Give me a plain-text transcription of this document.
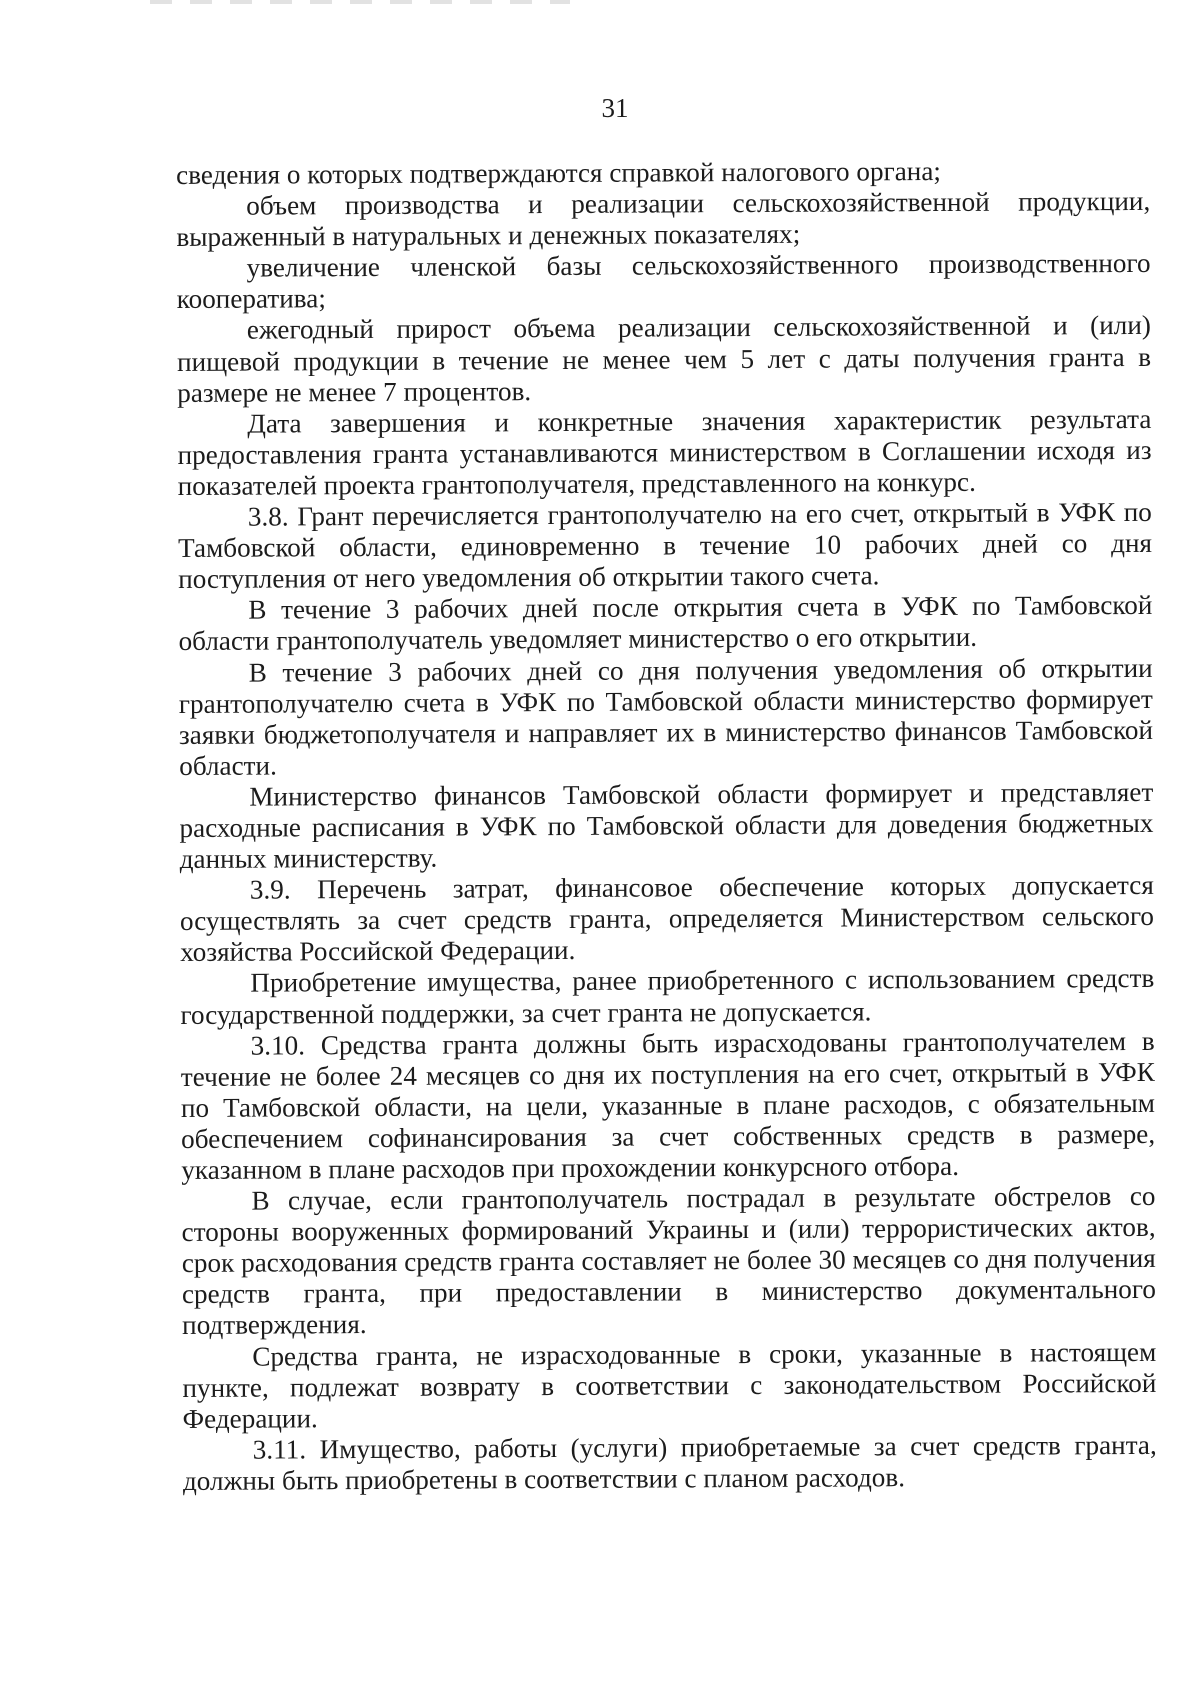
31

сведения о которых подтверждаются справкой налогового органа;

объем производства и реализации сельскохозяйственной продукции, выраженный в натуральных и денежных показателях;

увеличение членской базы сельскохозяйственного производственного кооператива;

ежегодный прирост объема реализации сельскохозяйственной и (или) пищевой продукции в течение не менее чем 5 лет с даты получения гранта в размере не менее 7 процентов.

Дата завершения и конкретные значения характеристик результата предоставления гранта устанавливаются министерством в Соглашении исходя из показателей проекта грантополучателя, представленного на конкурс.

3.8. Грант перечисляется грантополучателю на его счет, открытый в УФК по Тамбовской области, единовременно в течение 10 рабочих дней со дня поступления от него уведомления об открытии такого счета.

В течение 3 рабочих дней после открытия счета в УФК по Тамбовской области грантополучатель уведомляет министерство о его открытии.

В течение 3 рабочих дней со дня получения уведомления об открытии грантополучателю счета в УФК по Тамбовской области министерство формирует заявки бюджетополучателя и направляет их в министерство финансов Тамбовской области.

Министерство финансов Тамбовской области формирует и представляет расходные расписания в УФК по Тамбовской области для доведения бюджетных данных министерству.

3.9. Перечень затрат, финансовое обеспечение которых допускается осуществлять за счет средств гранта, определяется Министерством сельского хозяйства Российской Федерации.

Приобретение имущества, ранее приобретенного с использованием средств государственной поддержки, за счет гранта не допускается.

3.10. Средства гранта должны быть израсходованы грантополучателем в течение не более 24 месяцев со дня их поступления на его счет, открытый в УФК по Тамбовской области, на цели, указанные в плане расходов, с обязательным обеспечением софинансирования за счет собственных средств в размере, указанном в плане расходов при прохождении конкурсного отбора.

В случае, если грантополучатель пострадал в результате обстрелов со стороны вооруженных формирований Украины и (или) террористических актов, срок расходования средств гранта составляет не более 30 месяцев со дня получения средств гранта, при предоставлении в министерство документального подтверждения.

Средства гранта, не израсходованные в сроки, указанные в настоящем пункте, подлежат возврату в соответствии с законодательством Российской Федерации.

3.11. Имущество, работы (услуги) приобретаемые за счет средств гранта, должны быть приобретены в соответствии с планом расходов.
